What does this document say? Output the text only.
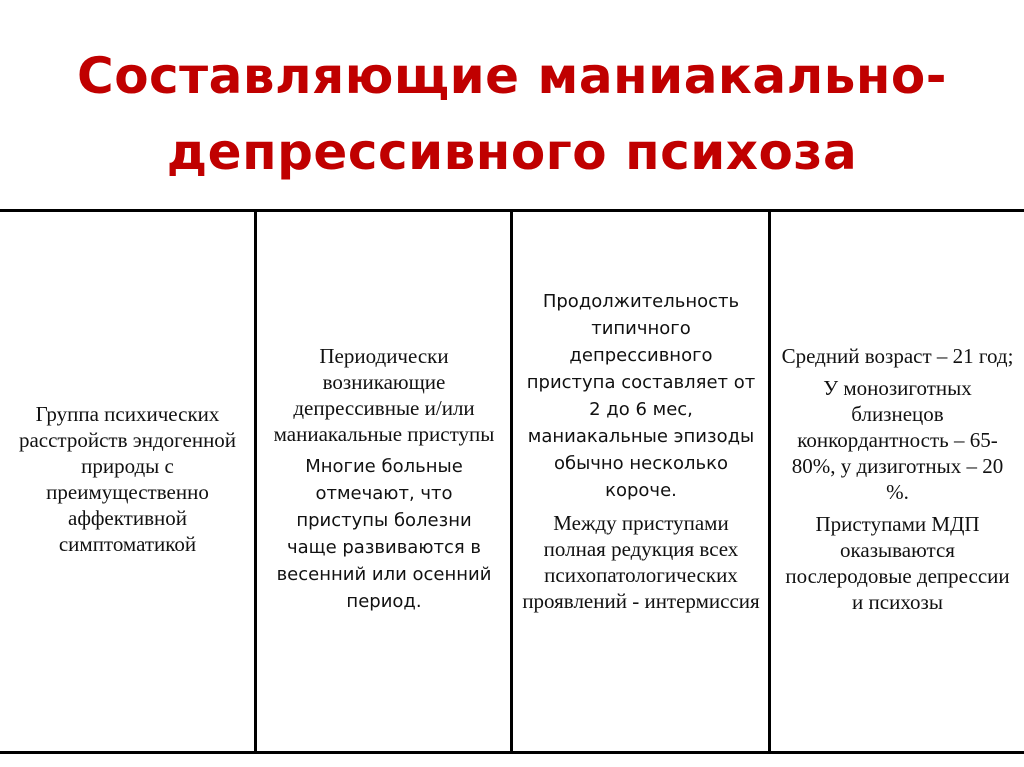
Составляющие маниакально-
депрессивного психоза

Группа психических расстройств эндогенной природы с преимущественно аффективной симптоматикой

Периодически возникающие депрессивные и/или маниакальные приступы

Многие больные отмечают, что приступы болезни чаще развиваются в весенний или осенний период.

Продолжительность типичного депрессивного приступа составляет от 2 до 6 мес, маниакальные эпизоды обычно несколько короче.

Между приступами полная редукция всех психопатологических проявлений - интермиссия

Средний возраст – 21 год;

У монозиготных близнецов конкордантность – 65-80%, у дизиготных – 20 %.

Приступами МДП оказываются послеродовые депрессии и психозы
